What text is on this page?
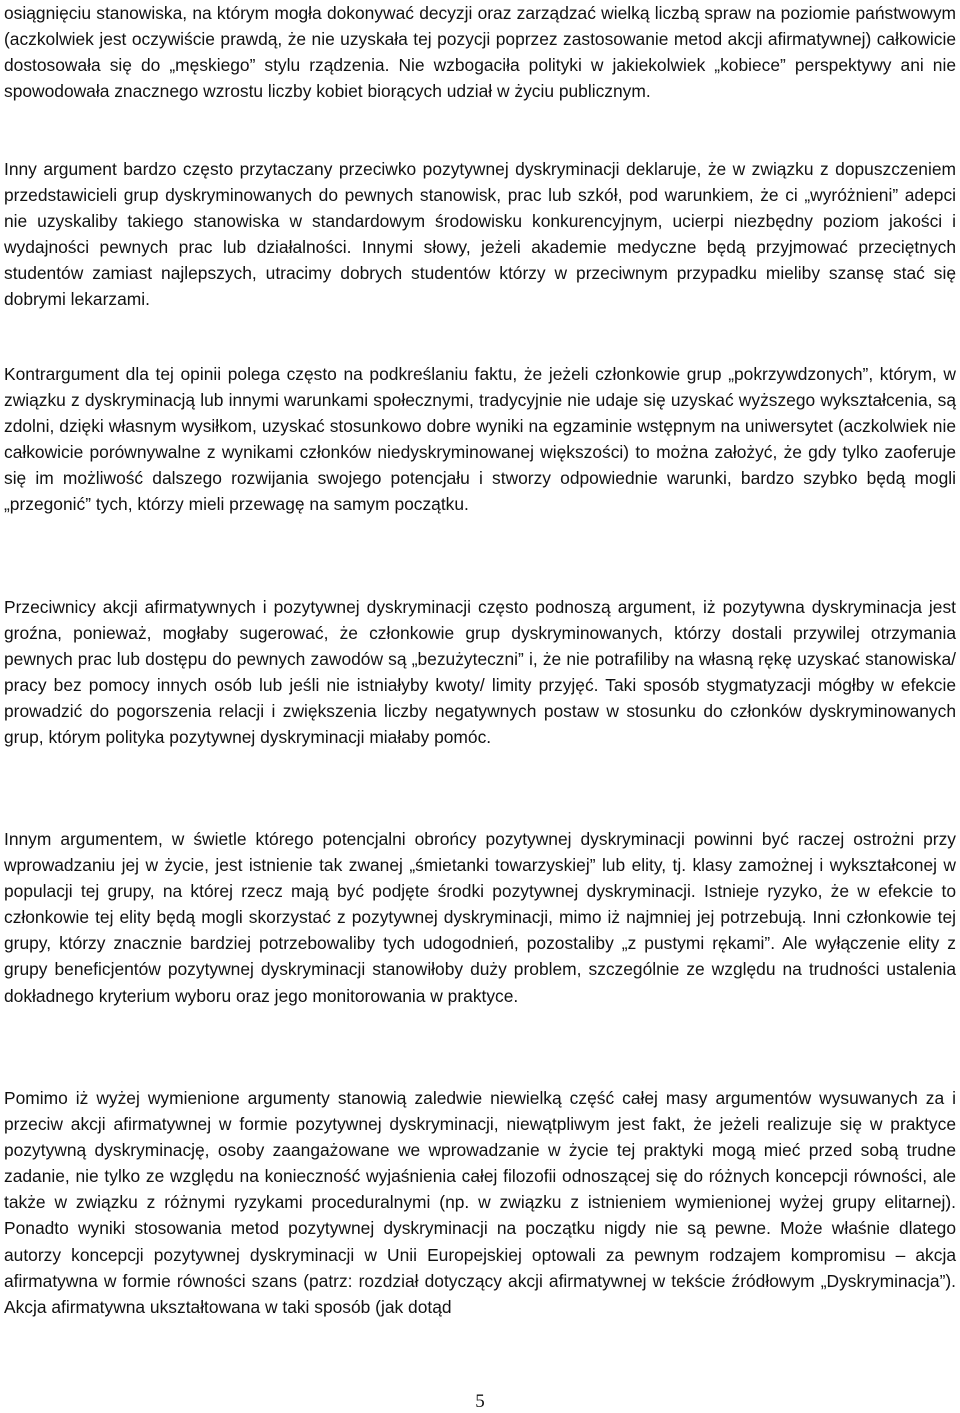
osiągnięciu stanowiska, na którym mogła dokonywać decyzji oraz zarządzać wielką liczbą spraw na poziomie państwowym (aczkolwiek jest oczywiście prawdą, że nie uzyskała tej pozycji poprzez zastosowanie metod akcji afirmatywnej) całkowicie dostosowała się do „męskiego” stylu rządzenia. Nie wzbogaciła polityki w jakiekolwiek „kobiece” perspektywy ani nie spowodowała znacznego wzrostu liczby kobiet biorących udział w życiu publicznym.

Inny argument bardzo często przytaczany przeciwko pozytywnej dyskryminacji deklaruje, że w związku z dopuszczeniem przedstawicieli grup dyskryminowanych do pewnych stanowisk, prac lub szkół, pod warunkiem, że ci „wyróżnieni” adepci nie uzyskaliby takiego stanowiska w standardowym środowisku konkurencyjnym, ucierpi niezbędny poziom jakości i wydajności pewnych prac lub działalności. Innymi słowy, jeżeli akademie medyczne będą przyjmować przeciętnych studentów zamiast najlepszych, utracimy dobrych studentów którzy w przeciwnym przypadku mieliby szansę stać się dobrymi lekarzami.

Kontrargument dla tej opinii polega często na podkreślaniu faktu, że jeżeli członkowie grup „pokrzywdzonych”, którym, w związku z dyskryminacją lub innymi warunkami społecznymi, tradycyjnie nie udaje się uzyskać wyższego wykształcenia, są zdolni, dzięki własnym wysiłkom, uzyskać stosunkowo dobre wyniki na egzaminie wstępnym na uniwersytet (aczkolwiek nie całkowicie porównywalne z wynikami członków niedyskryminowanej większości) to można założyć, że gdy tylko zaoferuje się im możliwość dalszego rozwijania swojego potencjału i stworzy odpowiednie warunki, bardzo szybko będą mogli „przegonić” tych, którzy mieli przewagę na samym początku.

Przeciwnicy akcji afirmatywnych i pozytywnej dyskryminacji często podnoszą argument, iż pozytywna dyskryminacja jest groźna, ponieważ, mogłaby sugerować, że członkowie grup dyskryminowanych, którzy dostali przywilej otrzymania pewnych prac lub dostępu do pewnych zawodów są „bezużyteczni” i, że nie potrafiliby na własną rękę uzyskać stanowiska/ pracy bez pomocy innych osób lub jeśli nie istniałyby kwoty/ limity przyjęć. Taki sposób stygmatyzacji mógłby w efekcie prowadzić do pogorszenia relacji i zwiększenia liczby negatywnych postaw w stosunku do członków dyskryminowanych grup, którym polityka pozytywnej dyskryminacji miałaby pomóc.

Innym argumentem, w świetle którego potencjalni obrońcy pozytywnej dyskryminacji powinni być raczej ostrożni przy wprowadzaniu jej w życie, jest istnienie tak zwanej „śmietanki towarzyskiej” lub elity, tj. klasy zamożnej i wykształconej w populacji tej grupy, na której rzecz mają być podjęte środki pozytywnej dyskryminacji. Istnieje ryzyko, że w efekcie to członkowie tej elity będą mogli skorzystać z pozytywnej dyskryminacji, mimo iż najmniej jej potrzebują. Inni członkowie tej grupy, którzy znacznie bardziej potrzebowaliby tych udogodnień, pozostaliby „z pustymi rękami”. Ale wyłączenie elity z grupy beneficjentów pozytywnej dyskryminacji stanowiłoby duży problem, szczególnie ze względu na trudności ustalenia dokładnego kryterium wyboru oraz jego monitorowania w praktyce.

Pomimo iż wyżej wymienione argumenty stanowią zaledwie niewielką część całej masy argumentów wysuwanych za i przeciw akcji afirmatywnej w formie pozytywnej dyskryminacji, niewątpliwym jest fakt, że jeżeli realizuje się w praktyce pozytywną dyskryminację, osoby zaangażowane we wprowadzanie w życie tej praktyki mogą mieć przed sobą trudne zadanie, nie tylko ze względu na konieczność wyjaśnienia całej filozofii odnoszącej się do różnych koncepcji równości, ale także w związku z różnymi ryzykami proceduralnymi (np. w związku z istnieniem wymienionej wyżej grupy elitarnej). Ponadto wyniki stosowania metod pozytywnej dyskryminacji na początku nigdy nie są pewne. Może właśnie dlatego autorzy koncepcji pozytywnej dyskryminacji w Unii Europejskiej optowali za pewnym rodzajem kompromisu – akcja afirmatywna w formie równości szans (patrz: rozdział dotyczący akcji afirmatywnej w tekście źródłowym „Dyskryminacja”). Akcja afirmatywna ukształtowana w taki sposób (jak dotąd

5
